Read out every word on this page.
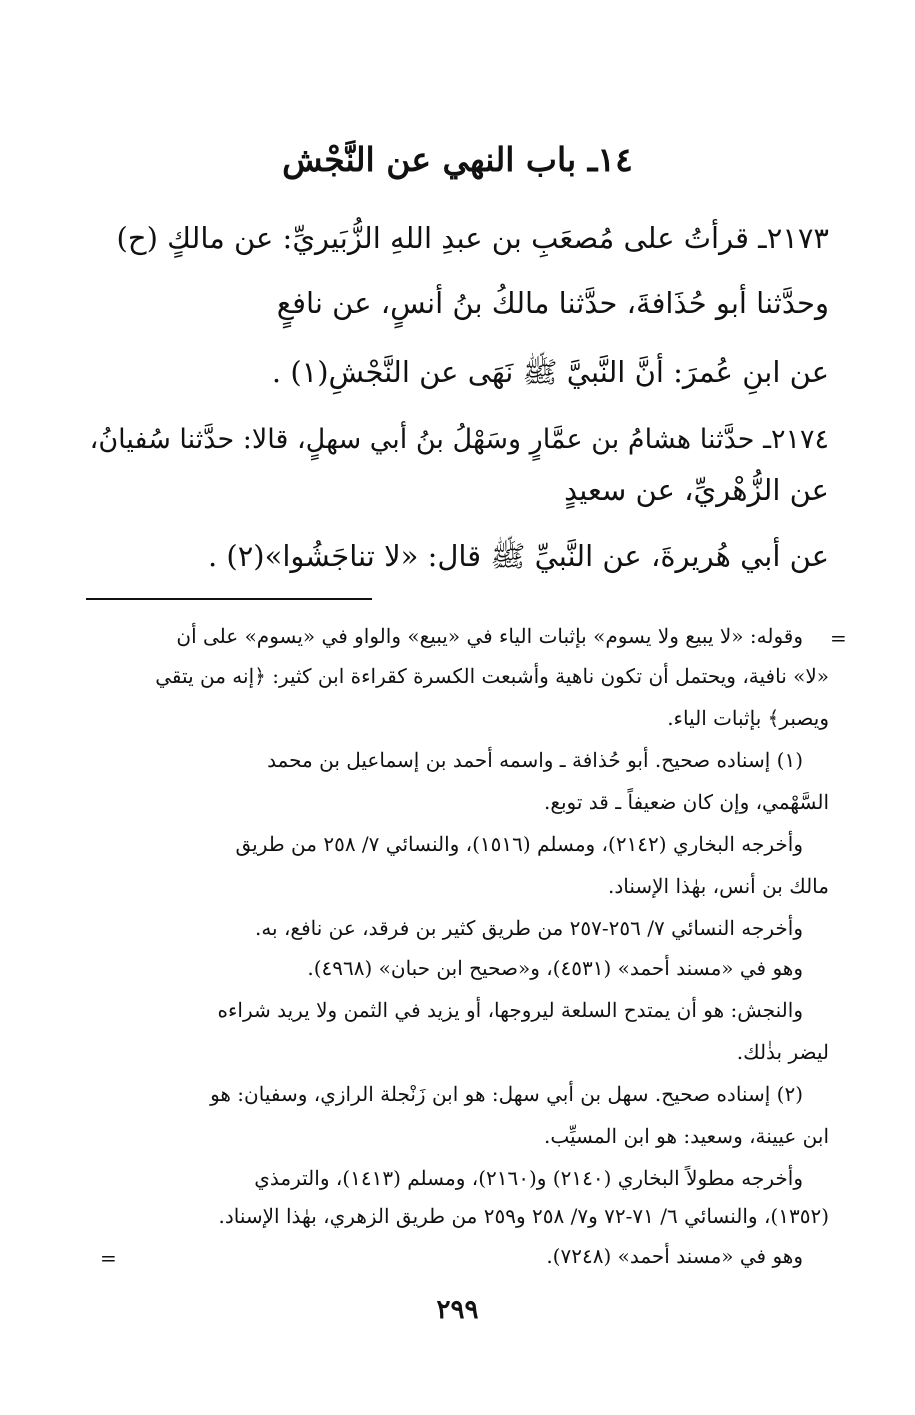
١٤ـ باب النهي عن النَّجْش
٢١٧٣ـ قرأتُ على مُصعَبِ بن عبدِ اللهِ الزُّبَيريِّ: عن مالكٍ (ح)
وحدَّثنا أبو حُذَافةَ، حدَّثنا مالكُ بنُ أنسٍ، عن نافعٍ
عن ابنِ عُمرَ: أنَّ النَّبيَّ ﷺ نَهَى عن النَّجْشِ(١) .
٢١٧٤ـ حدَّثنا هشامُ بن عمَّارٍ وسَهْلُ بنُ أبي سهلٍ، قالا: حدَّثنا سُفيانُ،
عن الزُّهْريِّ، عن سعيدٍ
عن أبي هُريرةَ، عن النَّبيِّ ﷺ قال: «لا تناجَشُوا»(٢) .
=
وقوله: «لا يبيع ولا يسوم» بإثبات الياء في «يبيع» والواو في «يسوم» على أن
«لا» نافية، ويحتمل أن تكون ناهية وأشبعت الكسرة كقراءة ابن كثير: ﴿إنه من يتقي
ويصبر﴾ بإثبات الياء.
(١) إسناده صحيح. أبو حُذافة ـ واسمه أحمد بن إسماعيل بن محمد
السَّهْمي، وإن كان ضعيفاً ـ قد توبع.
وأخرجه البخاري (٢١٤٢)، ومسلم (١٥١٦)، والنسائي ٧/ ٢٥٨ من طريق
مالك بن أنس، بهٰذا الإسناد.
وأخرجه النسائي ٧/ ٢٥٦-٢٥٧ من طريق كثير بن فرقد، عن نافع، به.
وهو في «مسند أحمد» (٤٥٣١)، و«صحيح ابن حبان» (٤٩٦٨).
والنجش: هو أن يمتدح السلعة ليروجها، أو يزيد في الثمن ولا يريد شراءه
ليضر بذٰلك.
(٢) إسناده صحيح. سهل بن أبي سهل: هو ابن زَنْجلة الرازي، وسفيان: هو
ابن عيينة، وسعيد: هو ابن المسيِّب.
وأخرجه مطولاً البخاري (٢١٤٠) و(٢١٦٠)، ومسلم (١٤١٣)، والترمذي
(١٣٥٢)، والنسائي ٦/ ٧١-٧٢ و٧/ ٢٥٨ و٢٥٩ من طريق الزهري، بهٰذا الإسناد.
وهو في «مسند أحمد» (٧٢٤٨).
=
٢٩٩
